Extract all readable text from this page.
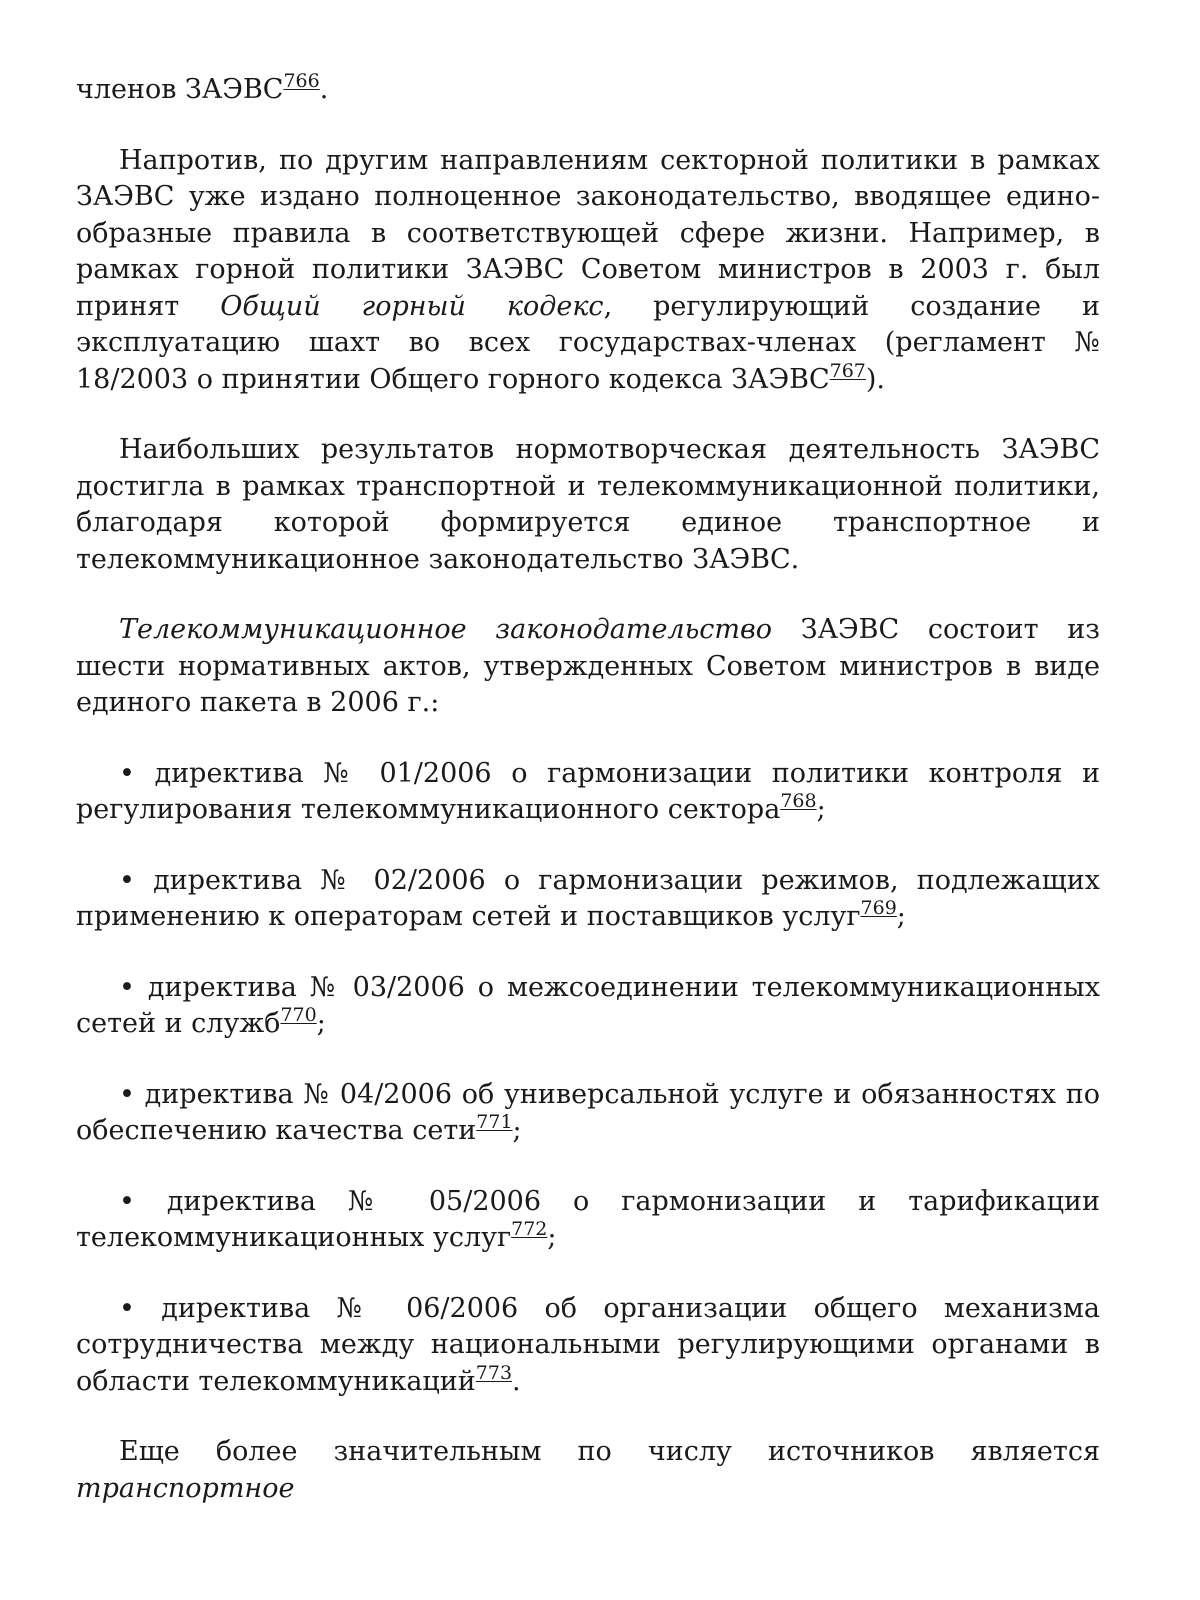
членов ЗАЭВС$^{766}$.

Напротив, по другим направлениям секторной политики в рамках ЗАЭВС уже издано полноценное законодательство, вводящее единообразные правила в соответствующей сфере жизни. Например, в рамках горной политики ЗАЭВС Советом министров в 2003 г. был принят Общий горный кодекс, регулирующий создание и эксплуатацию шахт во всех государствах-членах (регламент № 18/2003 о принятии Общего горного кодекса ЗАЭВС$^{767}$).

Наибольших результатов нормотворческая деятельность ЗАЭВС достигла в рамках транспортной и телекоммуникационной политики, благодаря которой формируется единое транспортное и телекоммуникационное законодательство ЗАЭВС.

Телекоммуникационное законодательство ЗАЭВС состоит из шести нормативных актов, утвержденных Советом министров в виде единого пакета в 2006 г.:

• директива № 01/2006 о гармонизации политики контроля и регулирования телекоммуникационного сектора$^{768}$;

• директива № 02/2006 о гармонизации режимов, подлежащих применению к операторам сетей и поставщиков услуг$^{769}$;

• директива № 03/2006 о межсоединении телекоммуникационных сетей и служб$^{770}$;

• директива № 04/2006 об универсальной услуге и обязанностях по обеспечению качества сети$^{771}$;

• директива № 05/2006 о гармонизации и тарификации телекоммуникационных услуг$^{772}$;

• директива № 06/2006 об организации общего механизма сотрудничества между национальными регулирующими органами в области телекоммуникаций$^{773}$.

Еще более значительным по числу источников является транспортное
